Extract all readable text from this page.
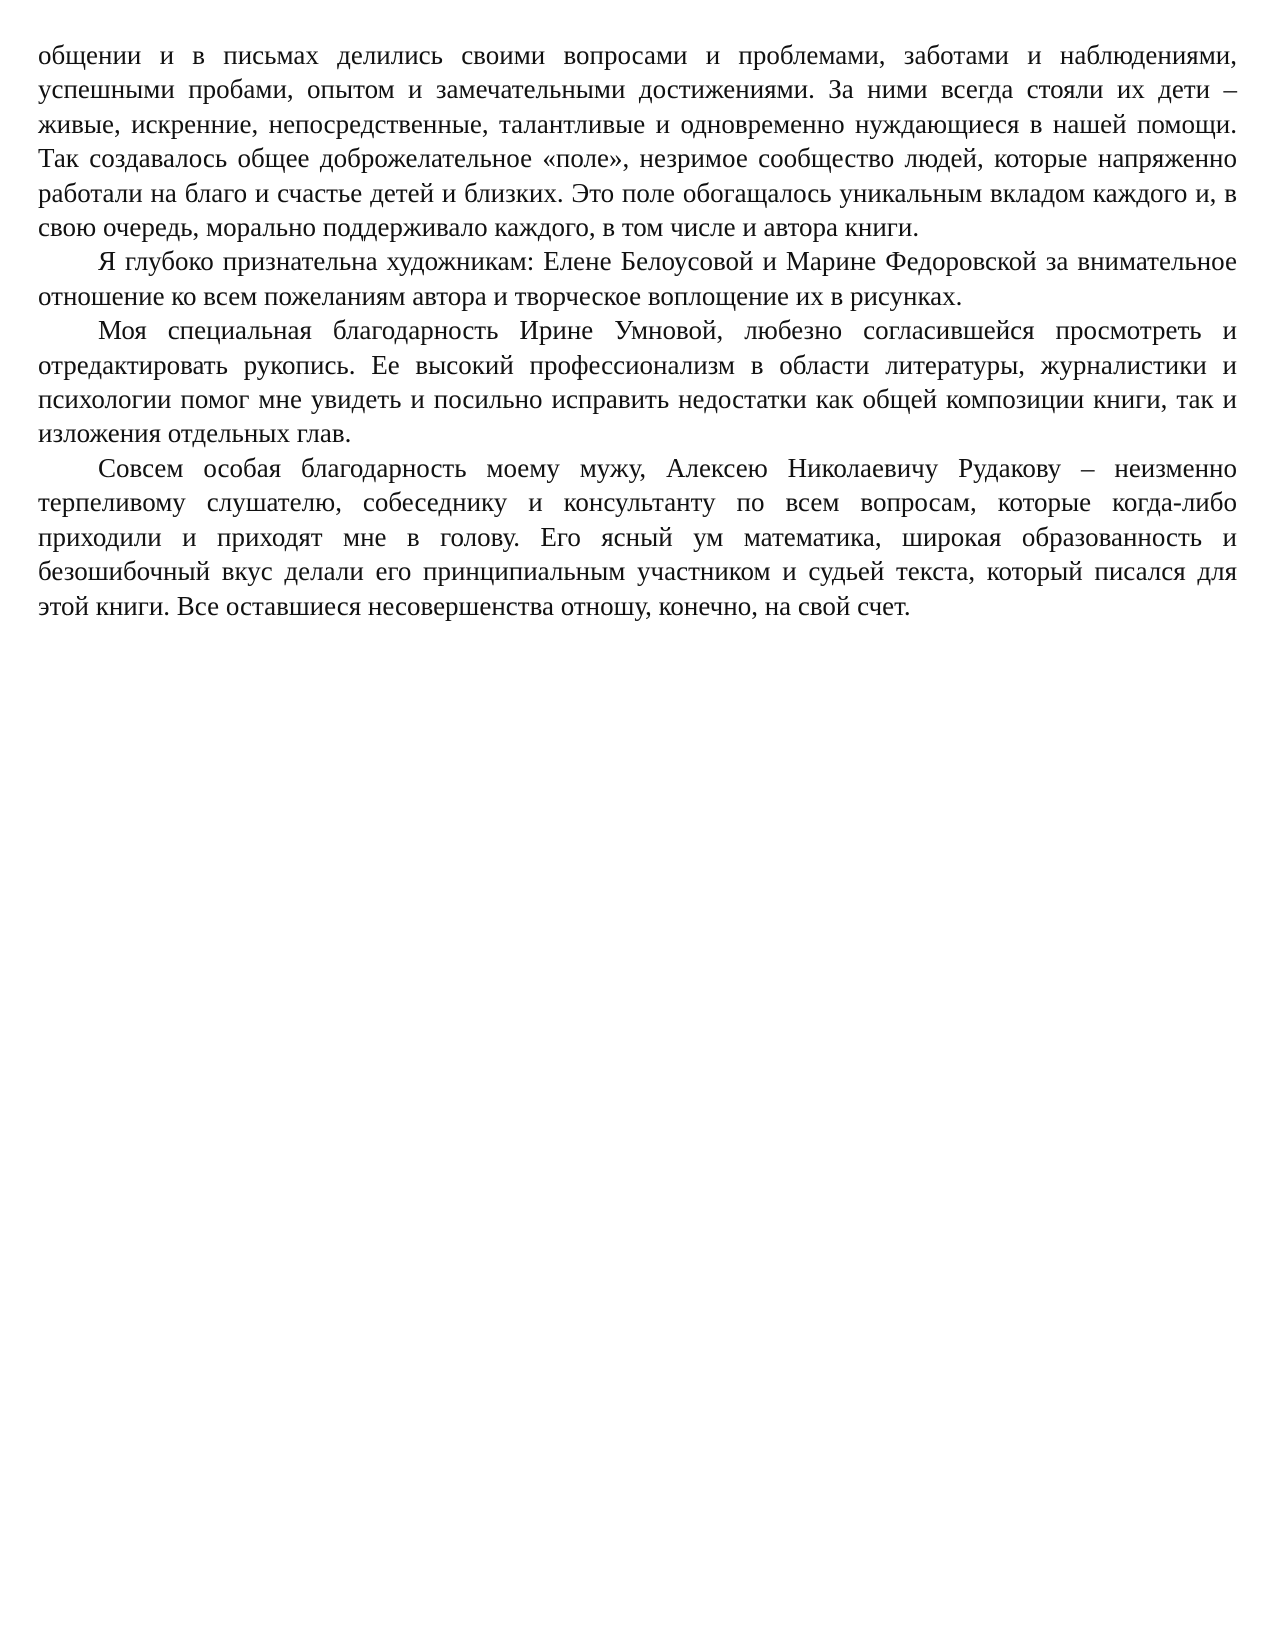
общении и в письмах делились своими вопросами и проблемами, заботами и наблюдениями, успешными пробами, опытом и замечательными достижениями. За ними всегда стояли их дети – живые, искренние, непосредственные, талантливые и одновременно нуждающиеся в нашей помощи. Так создавалось общее доброжелательное «поле», незримое сообщество людей, которые напряженно работали на благо и счастье детей и близких. Это поле обогащалось уникальным вкладом каждого и, в свою очередь, морально поддерживало каждого, в том числе и автора книги.

Я глубоко признательна художникам: Елене Белоусовой и Марине Федоровской за внимательное отношение ко всем пожеланиям автора и творческое воплощение их в рисунках.

Моя специальная благодарность Ирине Умновой, любезно согласившейся просмотреть и отредактировать рукопись. Ее высокий профессионализм в области литературы, журналистики и психологии помог мне увидеть и посильно исправить недостатки как общей композиции книги, так и изложения отдельных глав.

Совсем особая благодарность моему мужу, Алексею Николаевичу Рудакову – неизменно терпеливому слушателю, собеседнику и консультанту по всем вопросам, которые когда-либо приходили и приходят мне в голову. Его ясный ум математика, широкая образованность и безошибочный вкус делали его принципиальным участником и судьей текста, который писался для этой книги. Все оставшиеся несовершенства отношу, конечно, на свой счет.
